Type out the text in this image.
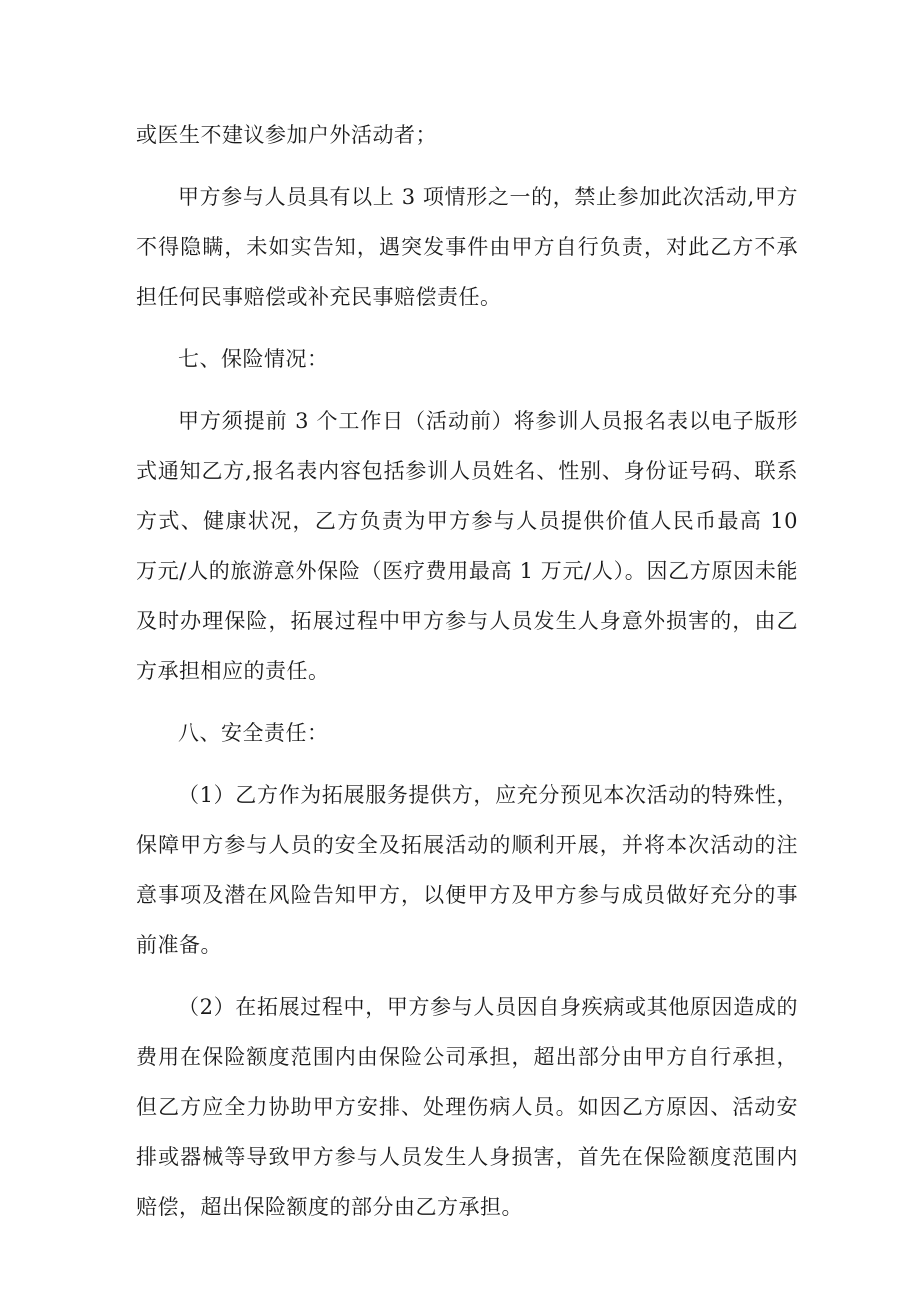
或医生不建议参加户外活动者；

甲方参与人员具有以上 3 项情形之一的，禁止参加此次活动,甲方不得隐瞒，未如实告知，遇突发事件由甲方自行负责，对此乙方不承担任何民事赔偿或补充民事赔偿责任。

七、保险情况：

甲方须提前 3 个工作日（活动前）将参训人员报名表以电子版形式通知乙方,报名表内容包括参训人员姓名、性别、身份证号码、联系方式、健康状况，乙方负责为甲方参与人员提供价值人民币最高 10 万元/人的旅游意外保险（医疗费用最高 1 万元/人）。因乙方原因未能及时办理保险，拓展过程中甲方参与人员发生人身意外损害的，由乙方承担相应的责任。

八、安全责任：

（1）乙方作为拓展服务提供方，应充分预见本次活动的特殊性，保障甲方参与人员的安全及拓展活动的顺利开展，并将本次活动的注意事项及潜在风险告知甲方，以便甲方及甲方参与成员做好充分的事前准备。

（2）在拓展过程中，甲方参与人员因自身疾病或其他原因造成的费用在保险额度范围内由保险公司承担，超出部分由甲方自行承担，但乙方应全力协助甲方安排、处理伤病人员。如因乙方原因、活动安排或器械等导致甲方参与人员发生人身损害，首先在保险额度范围内赔偿，超出保险额度的部分由乙方承担。
